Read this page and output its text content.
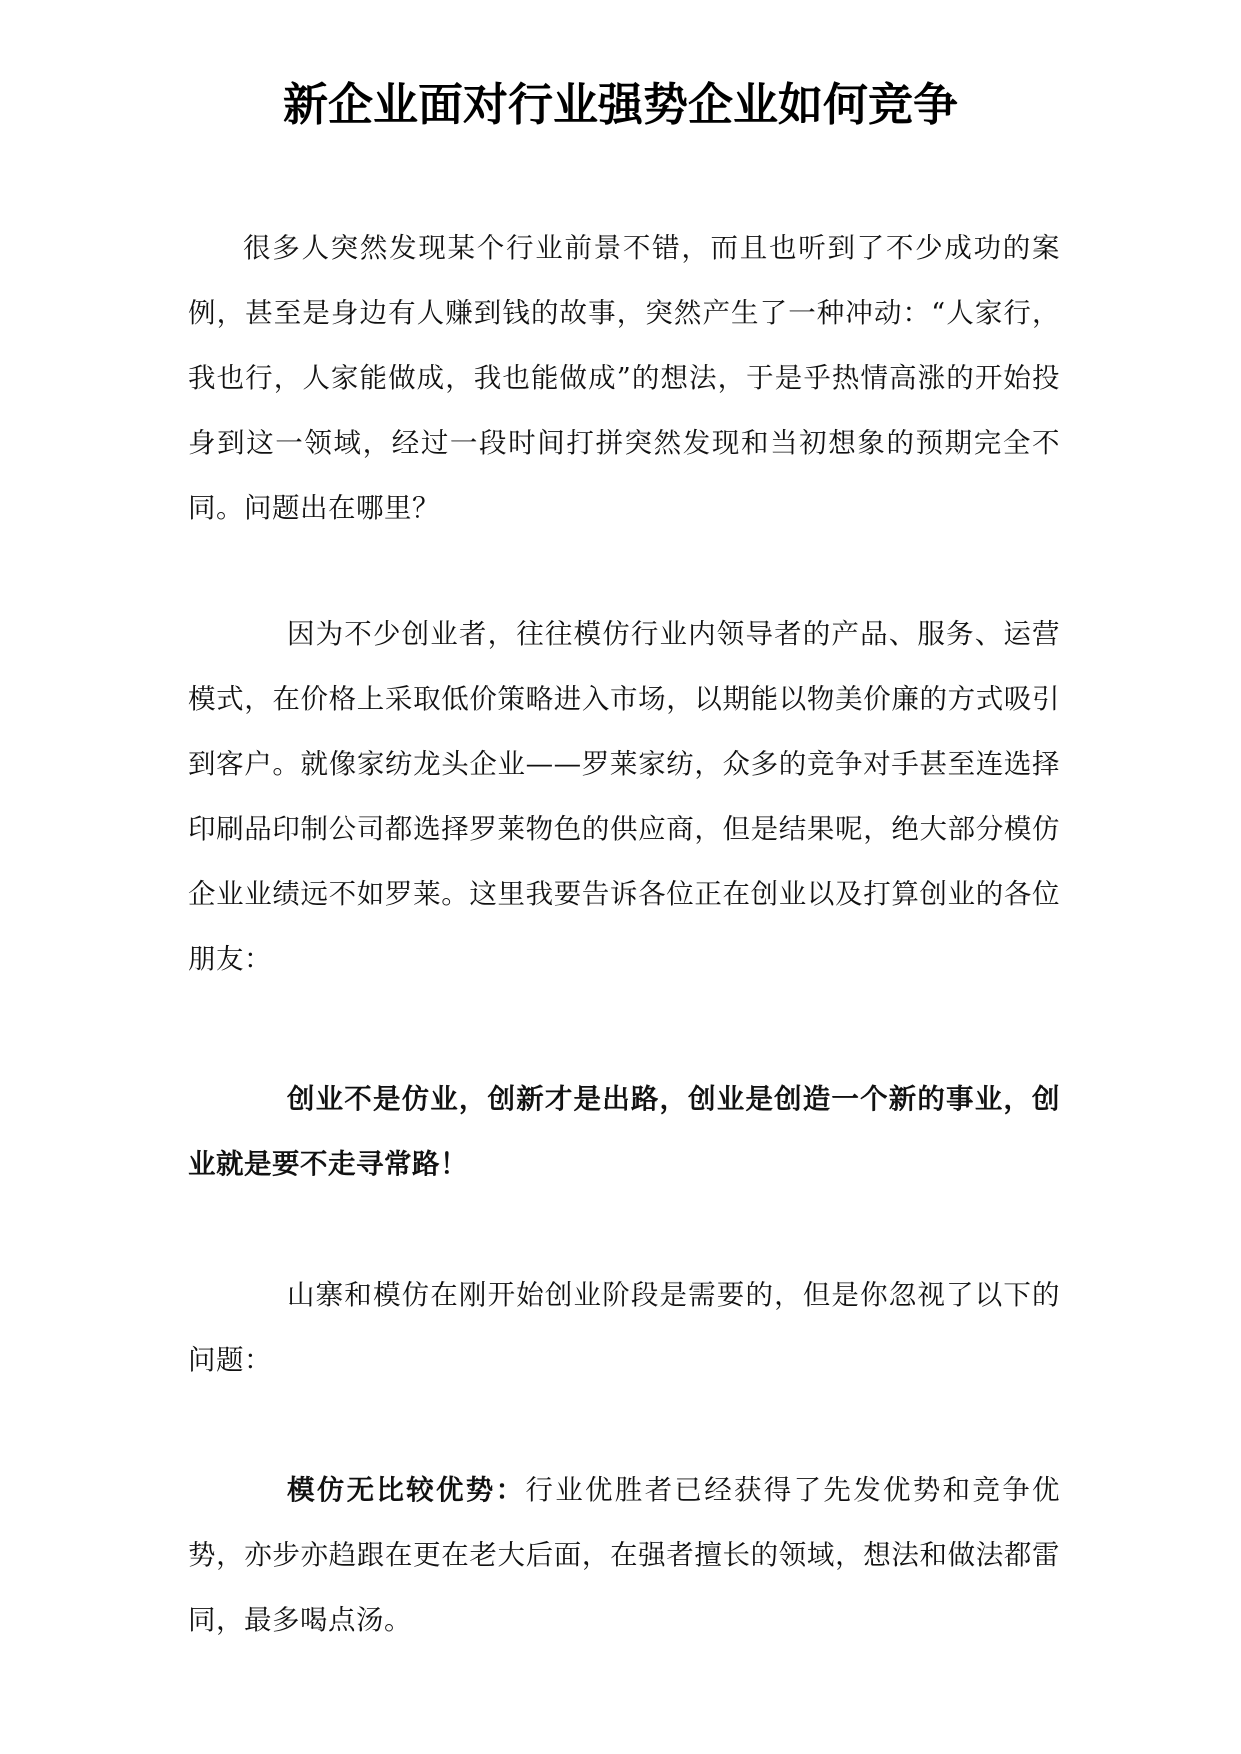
新企业面对行业强势企业如何竞争

很多人突然发现某个行业前景不错，而且也听到了不少成功的案例，甚至是身边有人赚到钱的故事，突然产生了一种冲动：“人家行，我也行，人家能做成，我也能做成”的想法，于是乎热情高涨的开始投身到这一领域，经过一段时间打拼突然发现和当初想象的预期完全不同。问题出在哪里？

因为不少创业者，往往模仿行业内领导者的产品、服务、运营模式，在价格上采取低价策略进入市场，以期能以物美价廉的方式吸引到客户。就像家纺龙头企业——罗莱家纺，众多的竞争对手甚至连选择印刷品印制公司都选择罗莱物色的供应商，但是结果呢，绝大部分模仿企业业绩远不如罗莱。这里我要告诉各位正在创业以及打算创业的各位朋友：

创业不是仿业，创新才是出路，创业是创造一个新的事业，创业就是要不走寻常路！

山寨和模仿在刚开始创业阶段是需要的，但是你忽视了以下的问题：

模仿无比较优势：行业优胜者已经获得了先发优势和竞争优势，亦步亦趋跟在更在老大后面，在强者擅长的领域，想法和做法都雷同，最多喝点汤。
